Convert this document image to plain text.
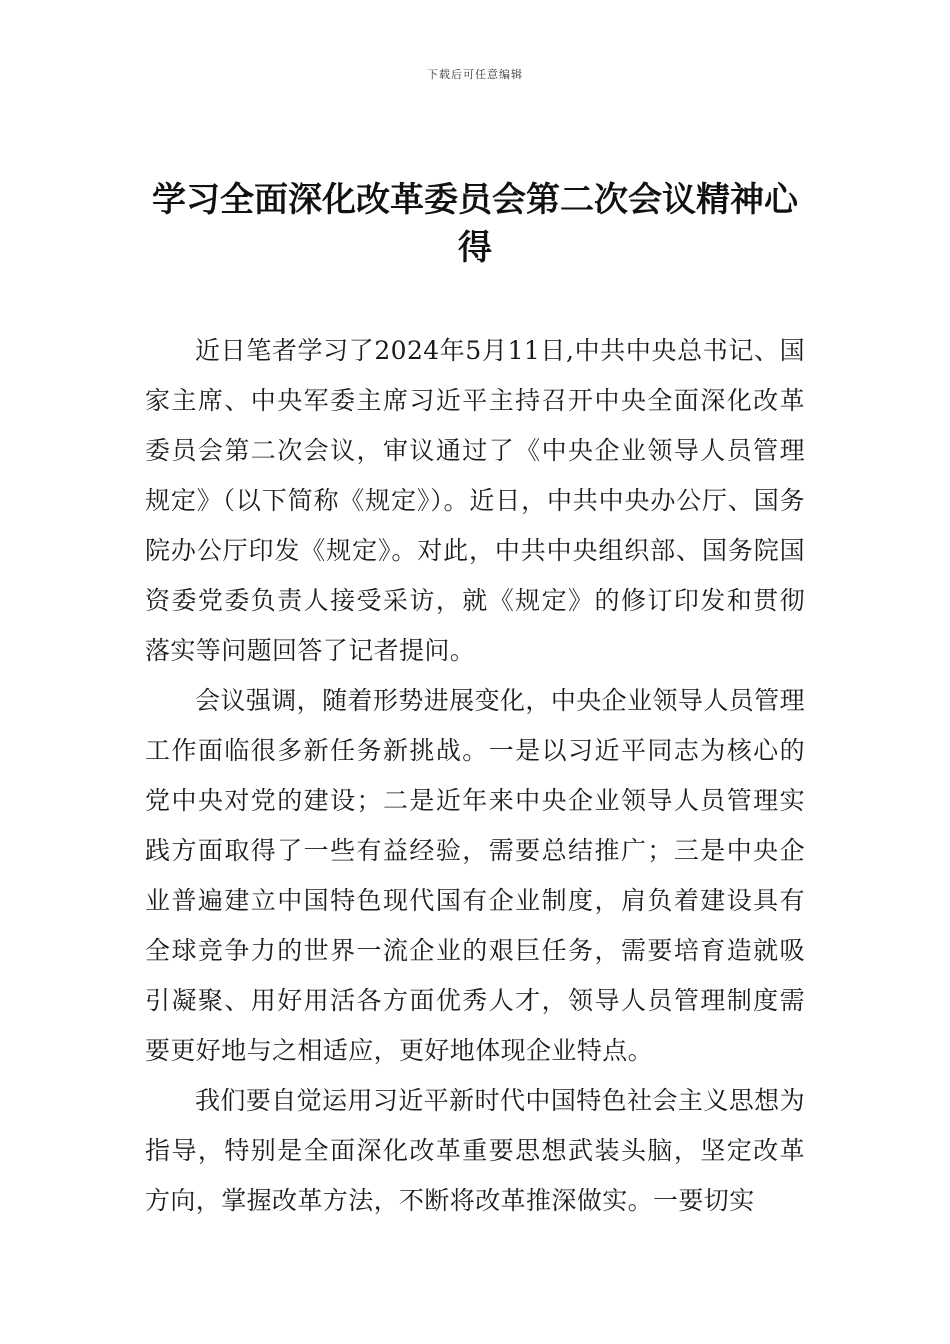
下载后可任意编辑
学习全面深化改革委员会第二次会议精神心得

近日笔者学习了2024年5月11日,中共中央总书记、国家主席、中央军委主席习近平主持召开中央全面深化改革委员会第二次会议，审议通过了《中央企业领导人员管理规定》（以下简称《规定》）。近日，中共中央办公厅、国务院办公厅印发《规定》。对此，中共中央组织部、国务院国资委党委负责人接受采访，就《规定》的修订印发和贯彻落实等问题回答了记者提问。

会议强调，随着形势进展变化，中央企业领导人员管理工作面临很多新任务新挑战。一是以习近平同志为核心的党中央对党的建设；二是近年来中央企业领导人员管理实践方面取得了一些有益经验，需要总结推广；三是中央企业普遍建立中国特色现代国有企业制度，肩负着建设具有全球竞争力的世界一流企业的艰巨任务，需要培育造就吸引凝聚、用好用活各方面优秀人才，领导人员管理制度需要更好地与之相适应，更好地体现企业特点。

我们要自觉运用习近平新时代中国特色社会主义思想为指导，特别是全面深化改革重要思想武装头脑，坚定改革方向，掌握改革方法，不断将改革推深做实。一要切实
